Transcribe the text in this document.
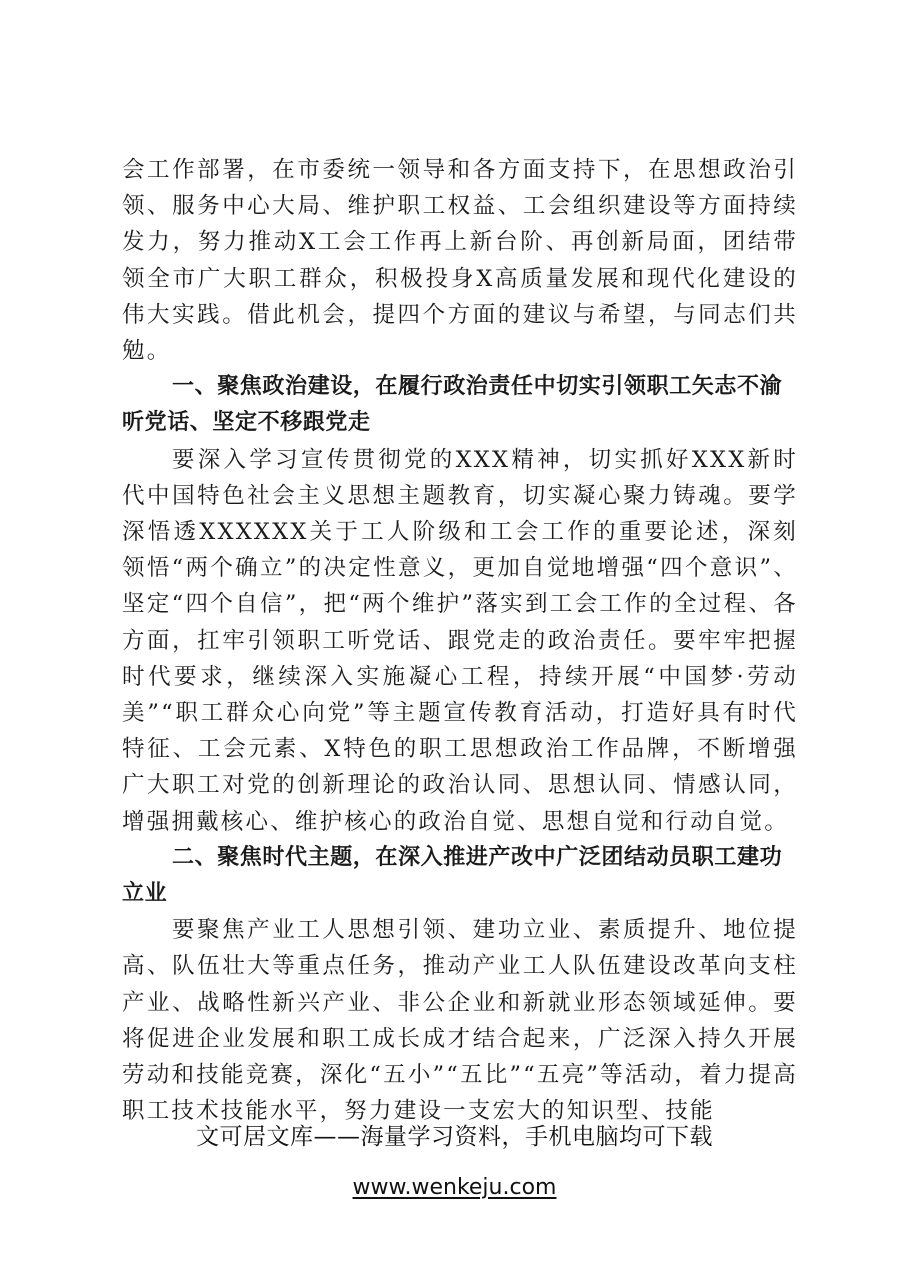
会工作部署，在市委统一领导和各方面支持下，在思想政治引领、服务中心大局、维护职工权益、工会组织建设等方面持续发力，努力推动X工会工作再上新台阶、再创新局面，团结带领全市广大职工群众，积极投身X高质量发展和现代化建设的伟大实践。借此机会，提四个方面的建议与希望，与同志们共勉。

一、聚焦政治建设，在履行政治责任中切实引领职工矢志不渝听党话、坚定不移跟党走

要深入学习宣传贯彻党的XXX精神，切实抓好XXX新时代中国特色社会主义思想主题教育，切实凝心聚力铸魂。要学深悟透XXXXXX关于工人阶级和工会工作的重要论述，深刻领悟“两个确立”的决定性意义，更加自觉地增强“四个意识”、坚定“四个自信”，把“两个维护”落实到工会工作的全过程、各方面，扛牢引领职工听党话、跟党走的政治责任。要牢牢把握时代要求，继续深入实施凝心工程，持续开展“中国梦·劳动美”“职工群众心向党”等主题宣传教育活动，打造好具有时代特征、工会元素、X特色的职工思想政治工作品牌，不断增强广大职工对党的创新理论的政治认同、思想认同、情感认同，增强拥戴核心、维护核心的政治自觉、思想自觉和行动自觉。

二、聚焦时代主题，在深入推进产改中广泛团结动员职工建功立业

要聚焦产业工人思想引领、建功立业、素质提升、地位提高、队伍壮大等重点任务，推动产业工人队伍建设改革向支柱产业、战略性新兴产业、非公企业和新就业形态领域延伸。要将促进企业发展和职工成长成才结合起来，广泛深入持久开展劳动和技能竞赛，深化“五小”“五比”“五亮”等活动，着力提高职工技术技能水平，努力建设一支宏大的知识型、技能

文可居文库——海量学习资料，手机电脑均可下载
www.wenkeju.com
